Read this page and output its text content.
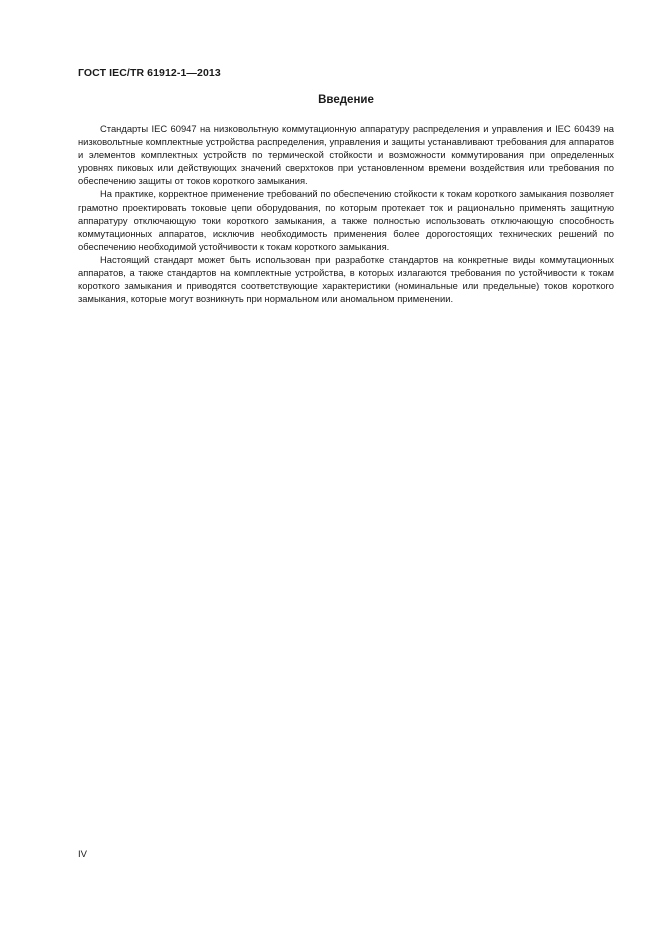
ГОСТ IEC/TR 61912-1—2013
Введение

Стандарты IEC 60947 на низковольтную коммутационную аппаратуру распределения и управления и IEC 60439 на низковольтные комплектные устройства распределения, управления и защиты устанавливают требования для аппаратов и элементов комплектных устройств по термической стойкости и возможности коммутирования при определенных уровнях пиковых или действующих значений сверхтоков при установленном времени воздействия или требования по обеспечению защиты от токов короткого замыкания.

На практике, корректное применение требований по обеспечению стойкости к токам короткого замыкания позволяет грамотно проектировать токовые цепи оборудования, по которым протекает ток и рационально применять защитную аппаратуру отключающую токи короткого замыкания, а также полностью использовать отключающую способность коммутационных аппаратов, исключив необходимость применения более дорогостоящих технических решений по обеспечению необходимой устойчивости к токам короткого замыкания.

Настоящий стандарт может быть использован при разработке стандартов на конкретные виды коммутационных аппаратов, а также стандартов на комплектные устройства, в которых излагаются требования по устойчивости к токам короткого замыкания и приводятся соответствующие характеристики (номинальные или предельные) токов короткого замыкания, которые могут возникнуть при нормальном или аномальном применении.

IV
